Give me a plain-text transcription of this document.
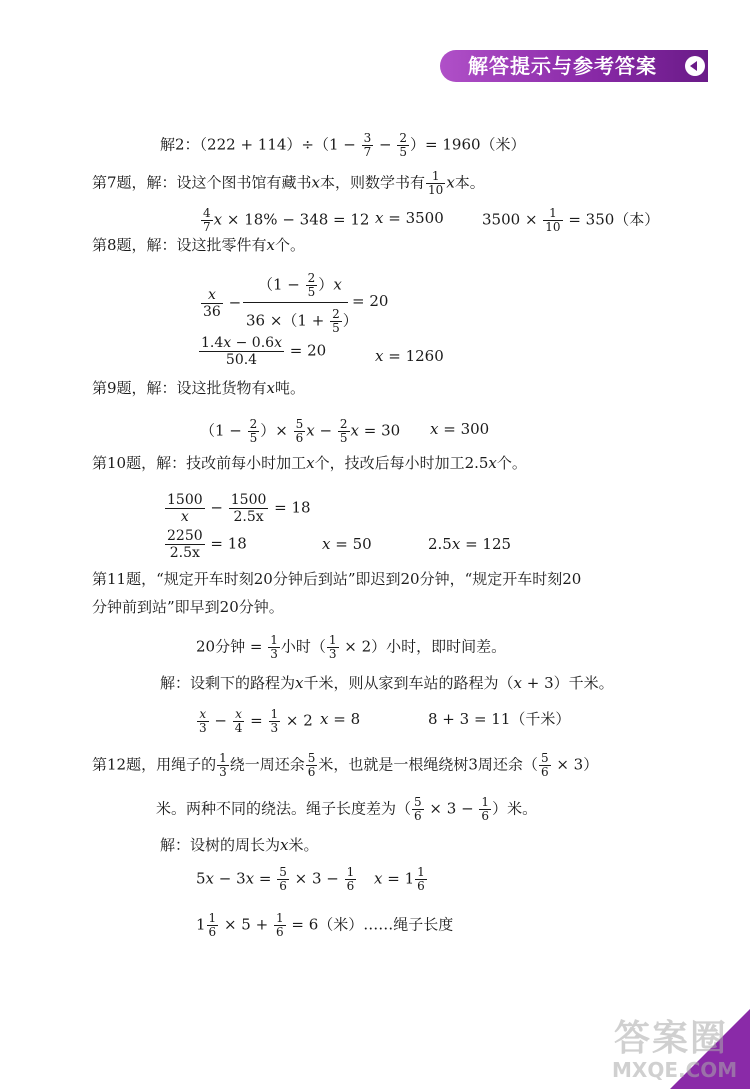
解答提示与参考答案
解2：$(222 + 114)\div(1 - \frac{3}{7} - \frac{2}{5}$ ）= 1960（米）
第7题，解：设这个图书馆有藏书x本，则数学书有 $\frac{1}{10}$ x本。
$\frac{4}{7}$ x × 18% − 348 = 12 x = 3500	$3500 \times \frac{1}{10} = 350$（本）
第8题，解：设这批零件有x个。
$\frac{x}{36}$ −
$(1 - \frac{2}{5} )x$
$36 \times(1 + \frac{2}{5}$ ）
= 20
$\frac{1.4x - 0.6x}{50.4} = 20$	x = 1260
第9题，解：设这批货物有x吨。
（$1 - \frac{2}{5}$ ）× $\frac{5}{6}$ $x - \frac{2}{5}$ x = 30 x = 300
第10题，解：技改前每小时加工x个，技改后每小时加工2.5x个。
$\frac{1500}{x} - \frac{1500}{2.5x} = 18$
$\frac{2250}{2.5x} = 18$	x = 50	2.5x = 125
第11题，“规定开车时刻20分钟后到站”即迟到20分钟，“规定开车时刻20
分钟前到站”即早到20分钟。
20分钟 = $\frac{1}{3}$ 小时（ $\frac{1}{3} \times 2$）小时，即时间差。
解：设剩下的路程为x千米，则从家到车站的路程为（x + 3）千米。
$\frac{x}{3} - \frac{x}{4} = \frac{1}{3} \times 2$ x = 8	8 + 3 = 11（千米）
第12题，用绳子的 $\frac{1}{3}$ 绕一周还余 $\frac{5}{6}$ 米，也就是一根绳绕树3周还余（ $\frac{5}{6} \times 3$）
米。两种不同的绕法。绳子长度差为（ $\frac{5}{6} \times 3 - \frac{1}{6}$ ）米。
解：设树的周长为x米。
$5x - 3x = \frac{5}{6} \times 3 - \frac{1}{6}$ $x = 1 \frac{1}{6}$
$1 \frac{1}{6} \times 5 + \frac{1}{6} = 6$（米）……绳子长度
答案圈
MXQE.COM
